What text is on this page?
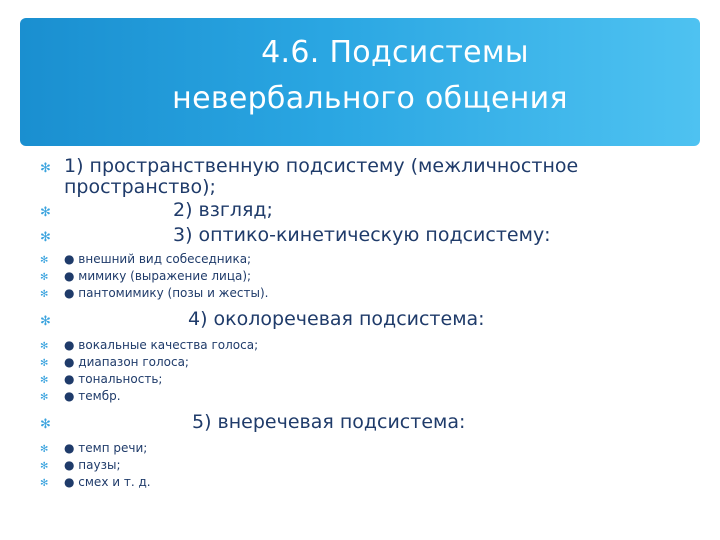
4.6. Подсистемы
невербального общения
✻ 1) пространственную подсистему (межличностное
пространство);
✻	2) взгляд;
✻	3) оптико-кинетическую подсистему:
✻ ● внешний вид собеседника;
✻ ● мимику (выражение лица);
✻ ● пантомимику (позы и жесты).
✻	4) околоречевая подсистема:
✻ ● вокальные качества голоса;
✻ ● диапазон голоса;
✻ ● тональность;
✻ ● тембр.
✻	5) внеречевая подсистема:
✻ ● темп речи;
✻ ● паузы;
✻ ● смех и т. д.
